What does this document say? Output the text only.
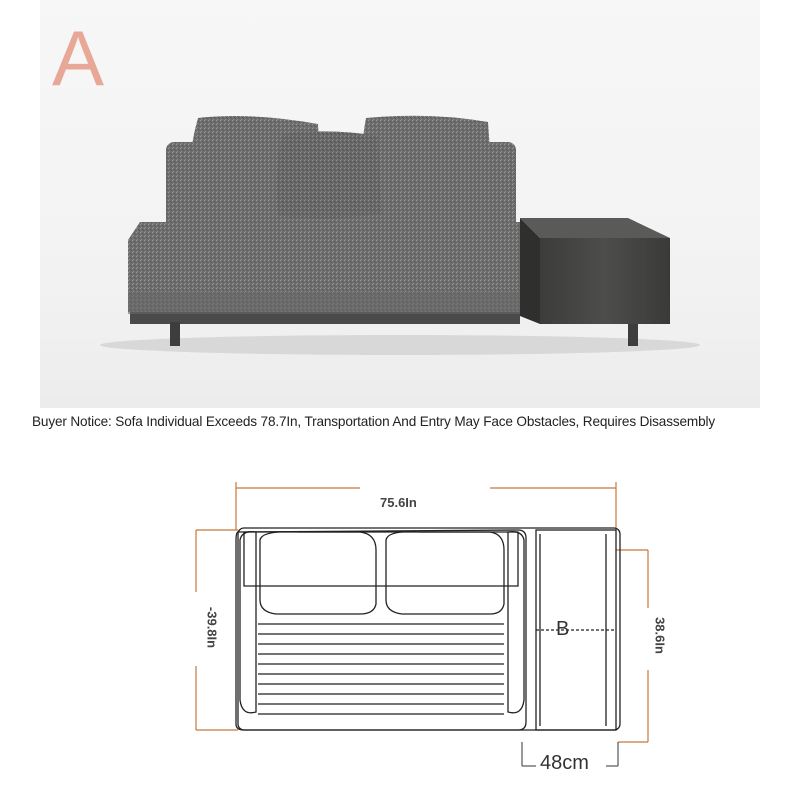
A
Buyer Notice: Sofa Individual Exceeds 78.7In, Transportation And Entry May Face Obstacles, Requires Disassembly
75.6In
-39.8In	38.6In
48cm
B
